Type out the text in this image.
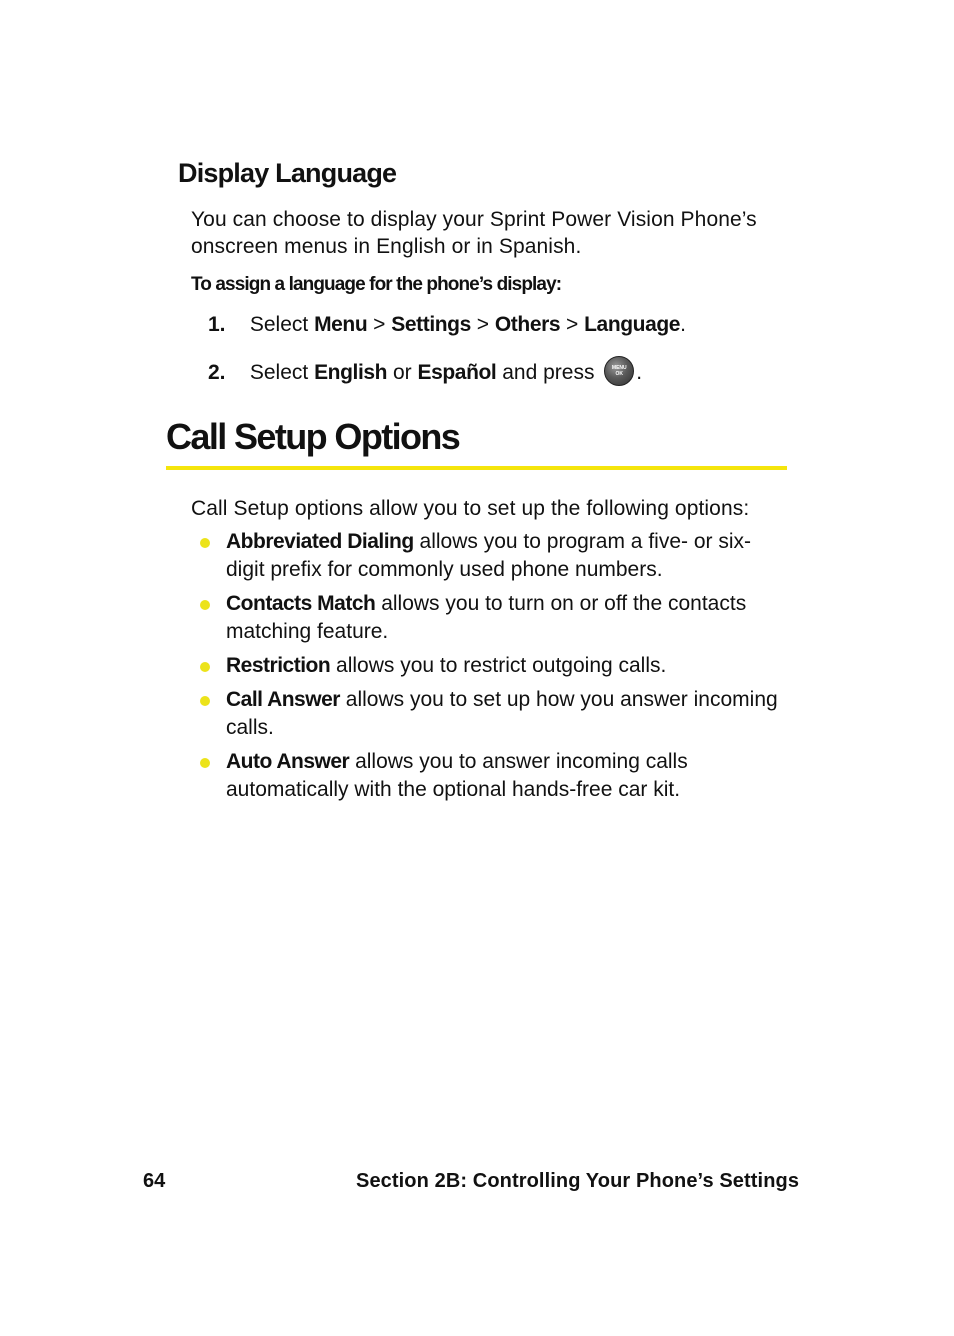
Display Language
You can choose to display your Sprint Power Vision Phone’s onscreen menus in English or in Spanish.
To assign a language for the phone’s display:
1. Select Menu > Settings > Others > Language.
2. Select English or Español and press	MENU
OK .
Call Setup Options
Call Setup options allow you to set up the following options:
Abbreviated Dialing allows you to program a five- or six-digit prefix for commonly used phone numbers.
Contacts Match allows you to turn on or off the contacts matching feature.
Restriction allows you to restrict outgoing calls.
Call Answer allows you to set up how you answer incoming calls.
Auto Answer allows you to answer incoming calls automatically with the optional hands-free car kit.
64	Section 2B: Controlling Your Phone’s Settings
